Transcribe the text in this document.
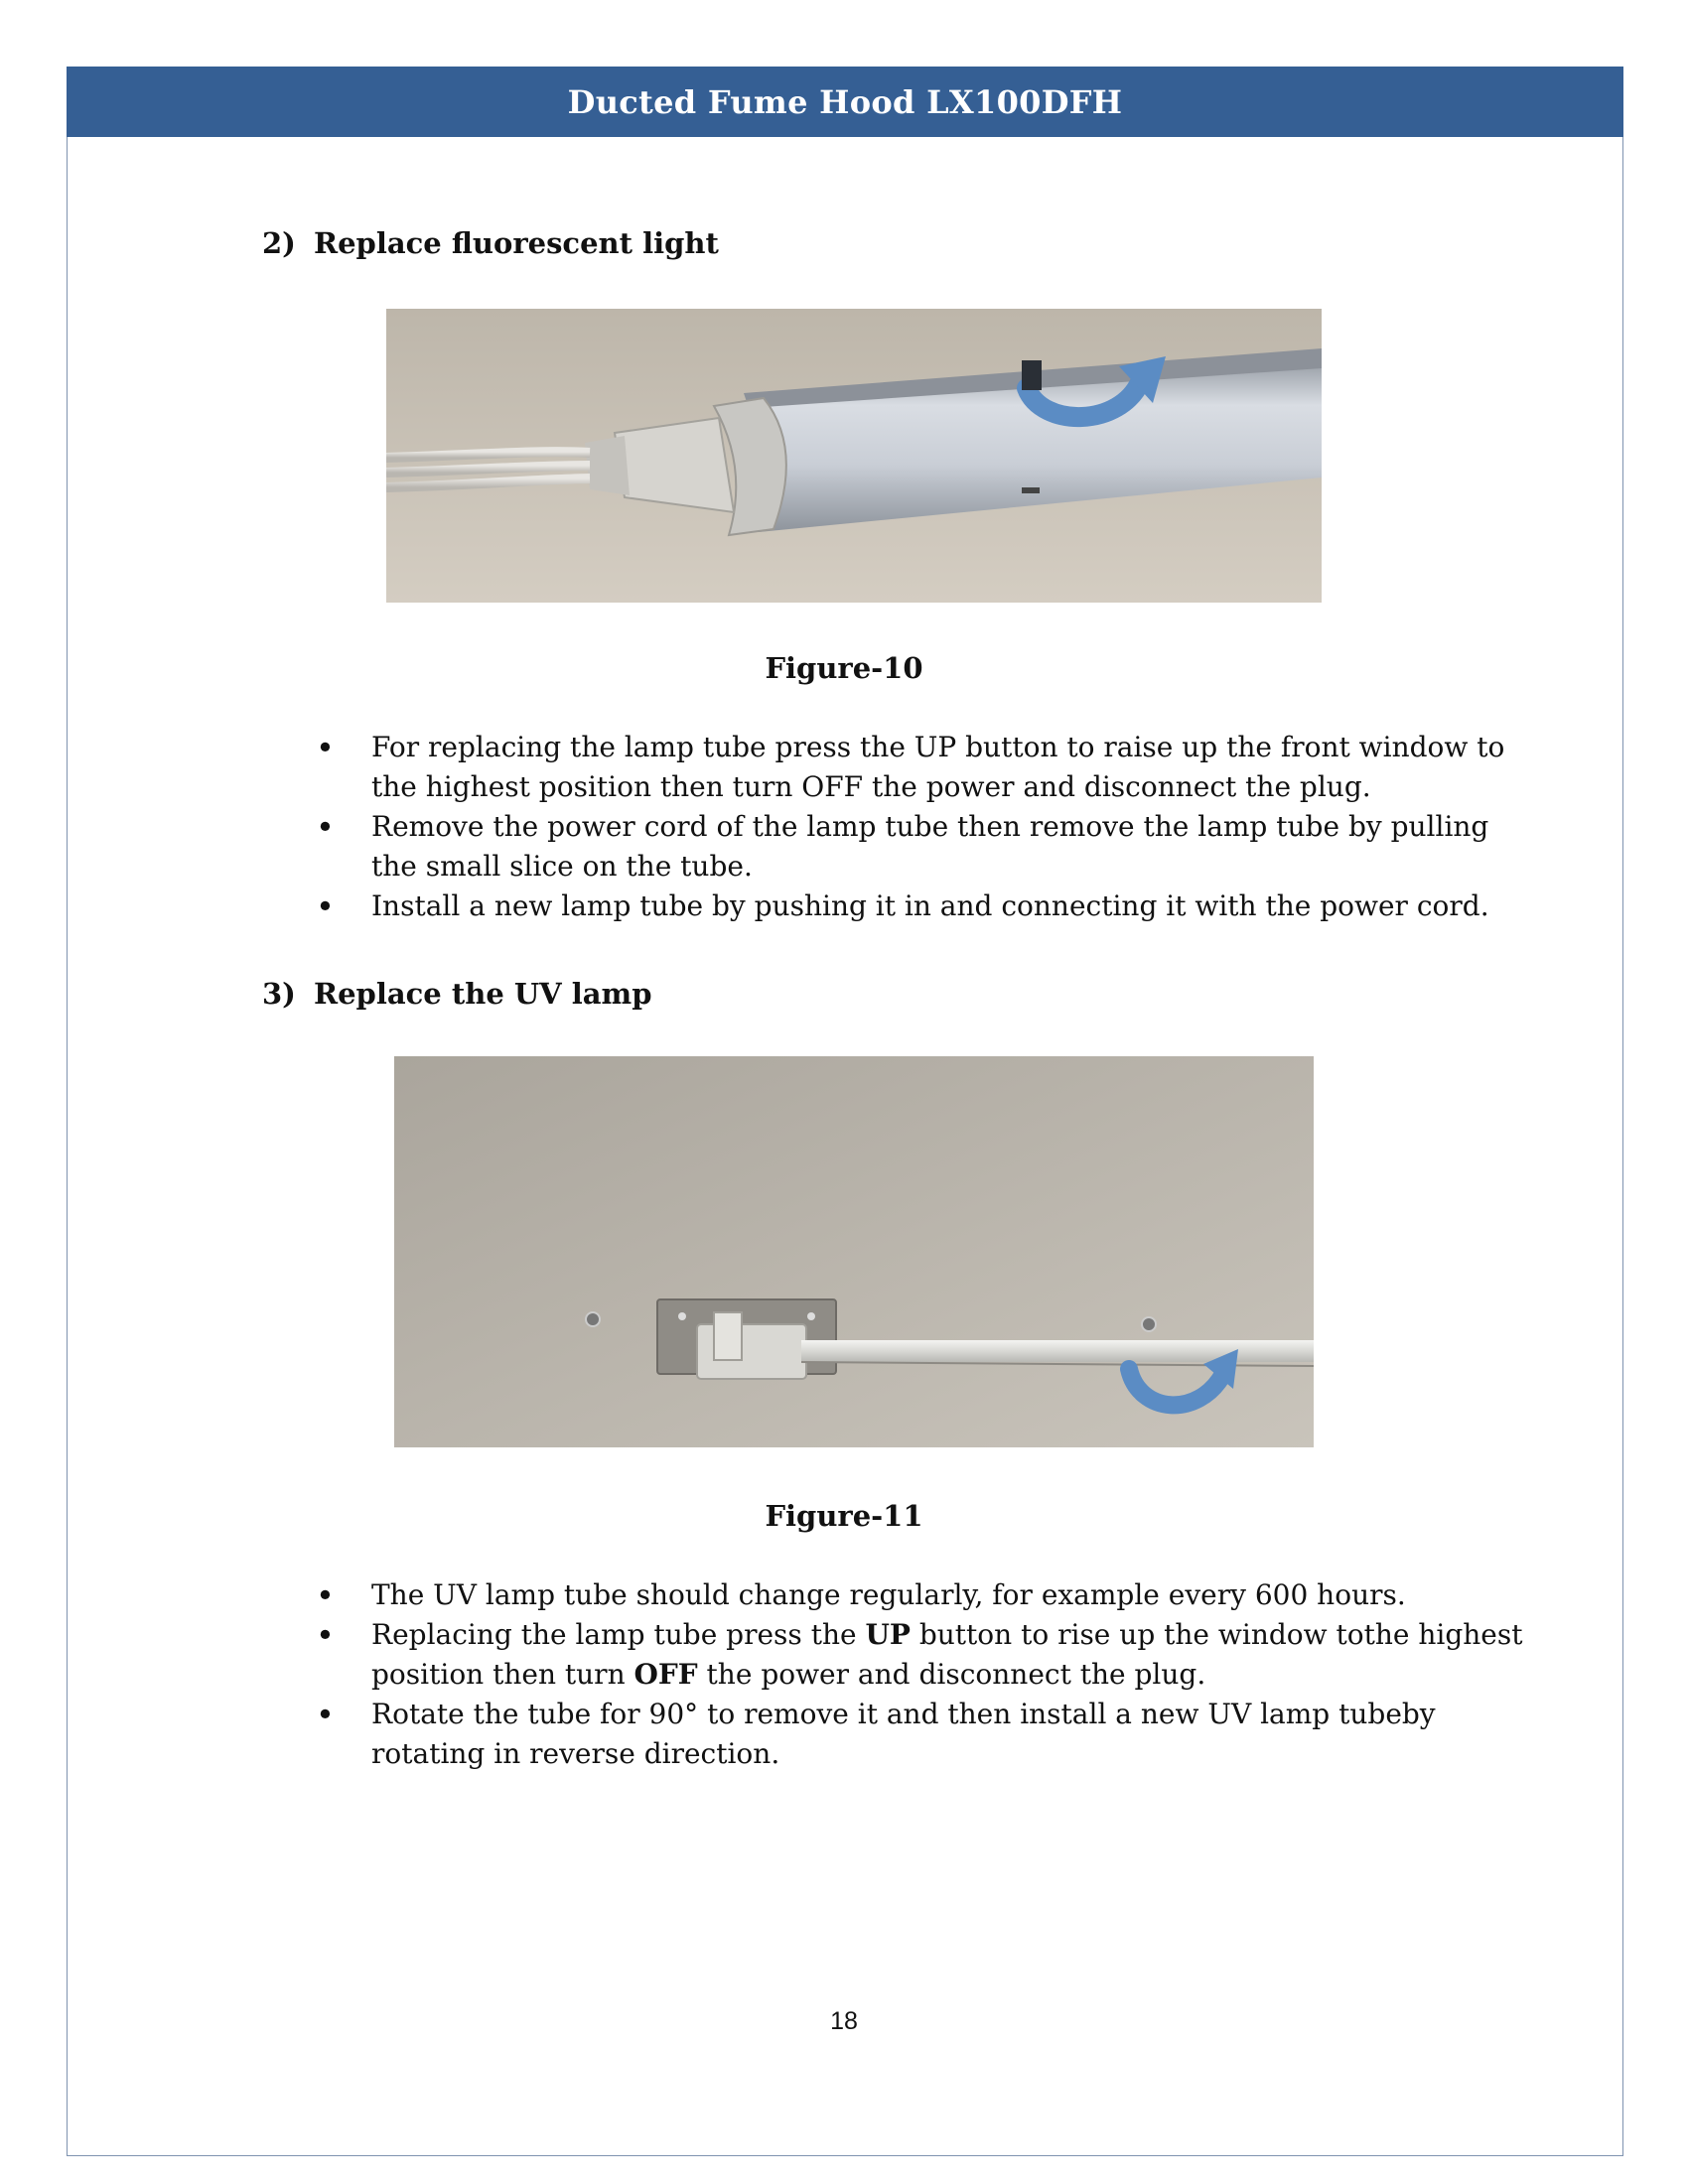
Ducted Fume Hood LX100DFH
2) Replace fluorescent light
Figure-10
•
For replacing the lamp tube press the UP button to raise up the front window to the highest position then turn OFF the power and disconnect the plug.
•
Remove the power cord of the lamp tube then remove the lamp tube by pulling the small slice on the tube.
•
Install a new lamp tube by pushing it in and connecting it with the power cord.
3) Replace the UV lamp
Figure-11
•
The UV lamp tube should change regularly, for example every 600 hours.
•
Replacing the lamp tube press the UP button to rise up the window tothe highest position then turn OFF the power and disconnect the plug.
•
Rotate the tube for 90° to remove it and then install a new UV lamp tubeby rotating in reverse direction.
18
